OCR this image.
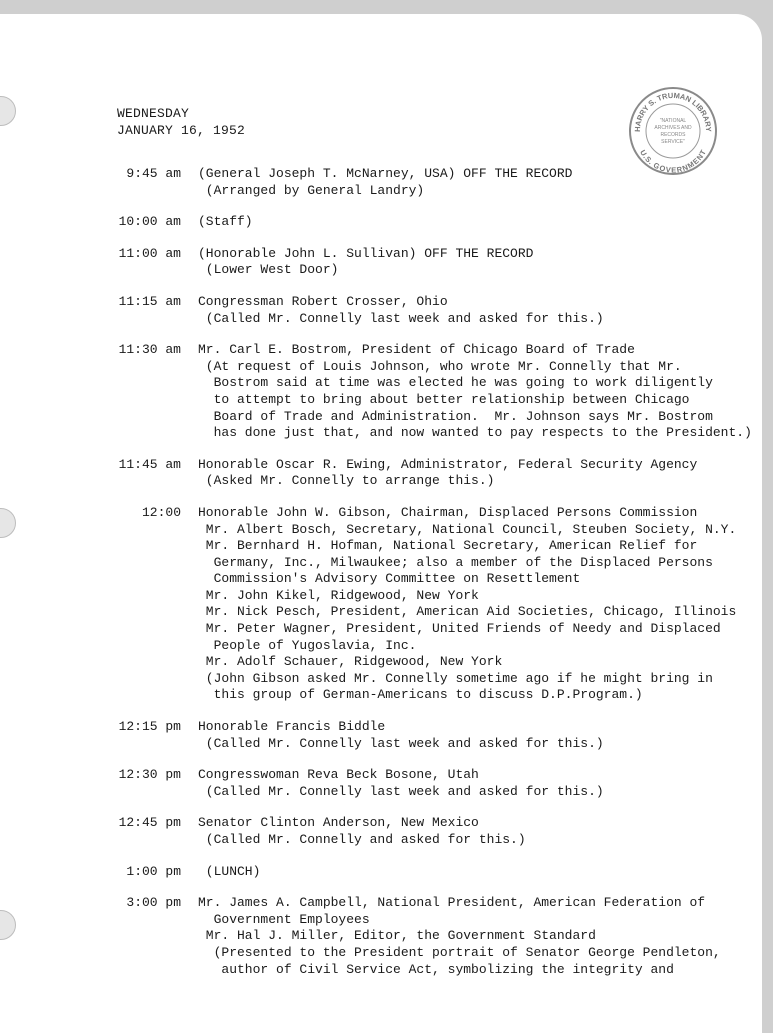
HARRY S. TRUMAN LIBRARY
U.S. GOVERNMENT
"NATIONAL
ARCHIVES AND
RECORDS
SERVICE"
WEDNESDAY
JANUARY 16, 1952
9:45 am	(General Joseph T. McNarney, USA) OFF THE RECORD
(Arranged by General Landry)
10:00 am	(Staff)
11:00 am	(Honorable John L. Sullivan) OFF THE RECORD
(Lower West Door)
11:15 am	Congressman Robert Crosser, Ohio
(Called Mr. Connelly last week and asked for this.)
11:30 am	Mr. Carl E. Bostrom, President of Chicago Board of Trade
(At request of Louis Johnson, who wrote Mr. Connelly that Mr.
Bostrom said at time was elected he was going to work diligently
to attempt to bring about better relationship between Chicago
Board of Trade and Administration.  Mr. Johnson says Mr. Bostrom
has done just that, and now wanted to pay respects to the President.)
11:45 am	Honorable Oscar R. Ewing, Administrator, Federal Security Agency
(Asked Mr. Connelly to arrange this.)
12:00	Honorable John W. Gibson, Chairman, Displaced Persons Commission
Mr. Albert Bosch, Secretary, National Council, Steuben Society, N.Y.
Mr. Bernhard H. Hofman, National Secretary, American Relief for
Germany, Inc., Milwaukee; also a member of the Displaced Persons
Commission's Advisory Committee on Resettlement
Mr. John Kikel, Ridgewood, New York
Mr. Nick Pesch, President, American Aid Societies, Chicago, Illinois
Mr. Peter Wagner, President, United Friends of Needy and Displaced
People of Yugoslavia, Inc.
Mr. Adolf Schauer, Ridgewood, New York
(John Gibson asked Mr. Connelly sometime ago if he might bring in
this group of German-Americans to discuss D.P.Program.)
12:15 pm	Honorable Francis Biddle
(Called Mr. Connelly last week and asked for this.)
12:30 pm	Congresswoman Reva Beck Bosone, Utah
(Called Mr. Connelly last week and asked for this.)
12:45 pm	Senator Clinton Anderson, New Mexico
(Called Mr. Connelly and asked for this.)
1:00 pm	(LUNCH)
3:00 pm	Mr. James A. Campbell, National President, American Federation of
Government Employees
Mr. Hal J. Miller, Editor, the Government Standard
(Presented to the President portrait of Senator George Pendleton,
author of Civil Service Act, symbolizing the integrity and
